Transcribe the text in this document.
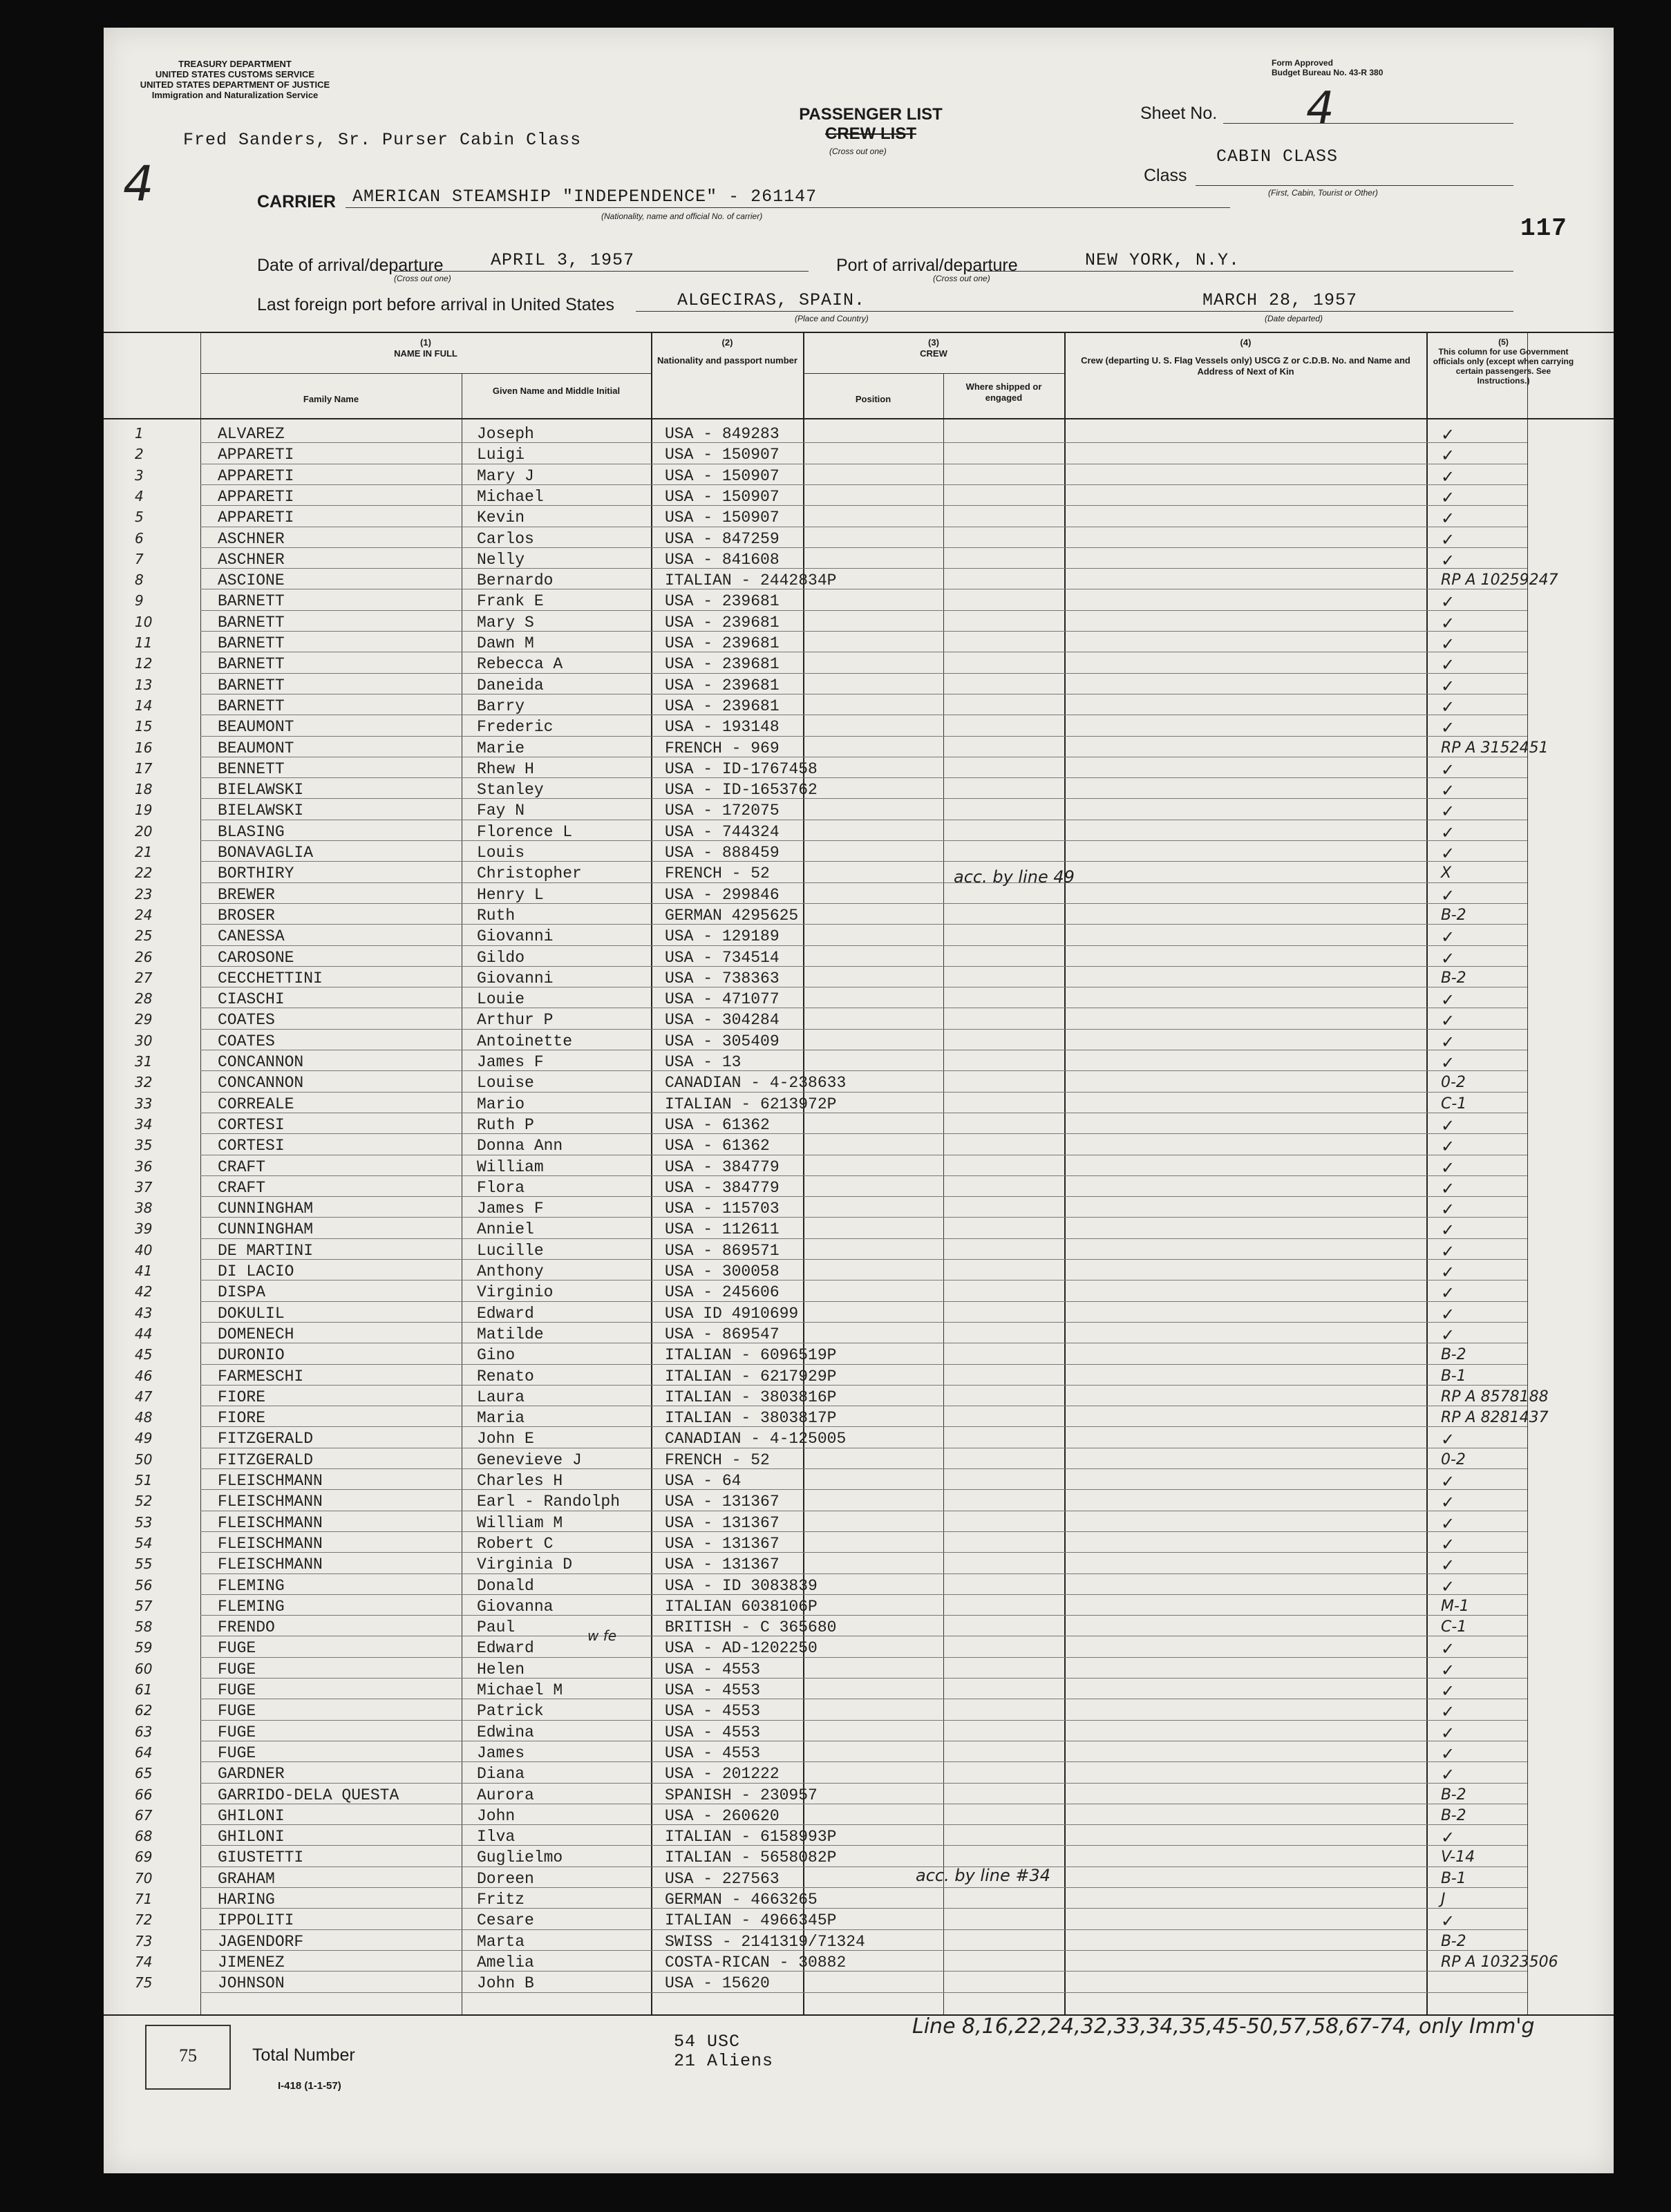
TREASURY DEPARTMENT
UNITED STATES CUSTOMS SERVICE
UNITED STATES DEPARTMENT OF JUSTICE
Immigration and Naturalization Service
Form Approved
Budget Bureau No. 43-R 380
PASSENGER LIST
CREW LIST
(Cross out one)
Sheet No. 4
Fred Sanders, Sr. Purser Cabin Class
4	Class
CABIN CLASS
(First, Cabin, Tourist or Other)
CARRIER AMERICAN STEAMSHIP "INDEPENDENCE" - 261147
(Nationality, name and official No. of carrier)	117
Date of arrival/departure	APRIL 3, 1957
(Cross out one)
Port of arrival/departure	NEW YORK, N.Y.
(Cross out one)
Last foreign port before arrival in United States	ALGECIRAS, SPAIN.
(Place and Country)
MARCH 28, 1957
(Date departed)
(1)
NAME IN FULL
Family Name
Given Name and Middle Initial
(2)
Nationality and passport number
(3)
CREW
Position
Where shipped or engaged
(4)
Crew (departing U. S. Flag Vessels only) USCG Z or C.D.B. No. and Name and Address of Next of Kin
(5)
This column for use Government officials only (except when carrying certain passengers. See Instructions.)
1	ALVAREZ	Joseph	USA - 849283	✓
2	APPARETI	Luigi	USA - 150907	✓
3	APPARETI	Mary J	USA - 150907	✓
4	APPARETI	Michael	USA - 150907	✓
5	APPARETI	Kevin	USA - 150907	✓
6	ASCHNER	Carlos	USA - 847259	✓
7	ASCHNER	Nelly	USA - 841608	✓
8	ASCIONE	Bernardo	ITALIAN - 2442834P	RP A 10259247
9	BARNETT	Frank E	USA - 239681	✓
10	BARNETT	Mary S	USA - 239681	✓
11	BARNETT	Dawn M	USA - 239681	✓
12	BARNETT	Rebecca A	USA - 239681	✓
13	BARNETT	Daneida	USA - 239681	✓
14	BARNETT	Barry	USA - 239681	✓
15	BEAUMONT	Frederic	USA - 193148	✓
16	BEAUMONT	Marie	FRENCH - 969	RP A 3152451
17	BENNETT	Rhew H	USA - ID-1767458	✓
18	BIELAWSKI	Stanley	USA - ID-1653762	✓
19	BIELAWSKI	Fay N	USA - 172075	✓
20	BLASING	Florence L	USA - 744324	✓
21	BONAVAGLIA	Louis	USA - 888459	✓
22	BORTHIRY	Christopher	FRENCH - 52	X
23	BREWER	Henry L	USA - 299846	✓
24	BROSER	Ruth	GERMAN 4295625	B-2
25	CANESSA	Giovanni	USA - 129189	✓
26	CAROSONE	Gildo	USA - 734514	✓
27	CECCHETTINI	Giovanni	USA - 738363	B-2
28	CIASCHI	Louie	USA - 471077	✓
29	COATES	Arthur P	USA - 304284	✓
30	COATES	Antoinette	USA - 305409	✓
31	CONCANNON	James F	USA - 13	✓
32	CONCANNON	Louise	CANADIAN - 4-238633	0-2
33	CORREALE	Mario	ITALIAN - 6213972P	C-1
34	CORTESI	Ruth P	USA - 61362	✓
35	CORTESI	Donna Ann	USA - 61362	✓
36	CRAFT	William	USA - 384779	✓
37	CRAFT	Flora	USA - 384779	✓
38	CUNNINGHAM	James F	USA - 115703	✓
39	CUNNINGHAM	Anniel	USA - 112611	✓
40	DE MARTINI	Lucille	USA - 869571	✓
41	DI LACIO	Anthony	USA - 300058	✓
42	DISPA	Virginio	USA - 245606	✓
43	DOKULIL	Edward	USA ID 4910699	✓
44	DOMENECH	Matilde	USA - 869547	✓
45	DURONIO	Gino	ITALIAN - 6096519P	B-2
46	FARMESCHI	Renato	ITALIAN - 6217929P	B-1
47	FIORE	Laura	ITALIAN - 3803816P	RP A 8578188
48	FIORE	Maria	ITALIAN - 3803817P	RP A 8281437
49	FITZGERALD	John E	CANADIAN - 4-125005	✓
50	FITZGERALD	Genevieve J	FRENCH - 52	0-2
51	FLEISCHMANN	Charles H	USA - 64	✓
52	FLEISCHMANN	Earl - Randolph	USA - 131367	✓
53	FLEISCHMANN	William M	USA - 131367	✓
54	FLEISCHMANN	Robert C	USA - 131367	✓
55	FLEISCHMANN	Virginia D	USA - 131367	✓
56	FLEMING	Donald	USA - ID 3083839	✓
57	FLEMING	Giovanna	ITALIAN 6038106P	M-1
58	FRENDO	Paul	BRITISH - C 365680	C-1
59	FUGE	Edward	USA - AD-1202250	✓
60	FUGE	Helen	USA - 4553	✓
61	FUGE	Michael M	USA - 4553	✓
62	FUGE	Patrick	USA - 4553	✓
63	FUGE	Edwina	USA - 4553	✓
64	FUGE	James	USA - 4553	✓
65	GARDNER	Diana	USA - 201222	✓
66	GARRIDO-DELA QUESTA	Aurora	SPANISH - 230957	B-2
67	GHILONI	John	USA - 260620	B-2
68	GHILONI	Ilva	ITALIAN - 6158993P	✓
69	GIUSTETTI	Guglielmo	ITALIAN - 5658082P	V-14
70	GRAHAM	Doreen	USA - 227563	B-1
71	HARING	Fritz	GERMAN - 4663265	J
72	IPPOLITI	Cesare	ITALIAN - 4966345P	✓
73	JAGENDORF	Marta	SWISS - 2141319/71324	B-2
74	JIMENEZ	Amelia	COSTA-RICAN - 30882	RP A 10323506
75	JOHNSON	John B	USA - 15620
acc. by line 49
acc. by line #34
w fe
75	Total Number
I-418 (1-1-57)
54 USC
21 Aliens
Line 8,16,22,24,32,33,34,35,45-50,57,58,67-74, only Imm'g
